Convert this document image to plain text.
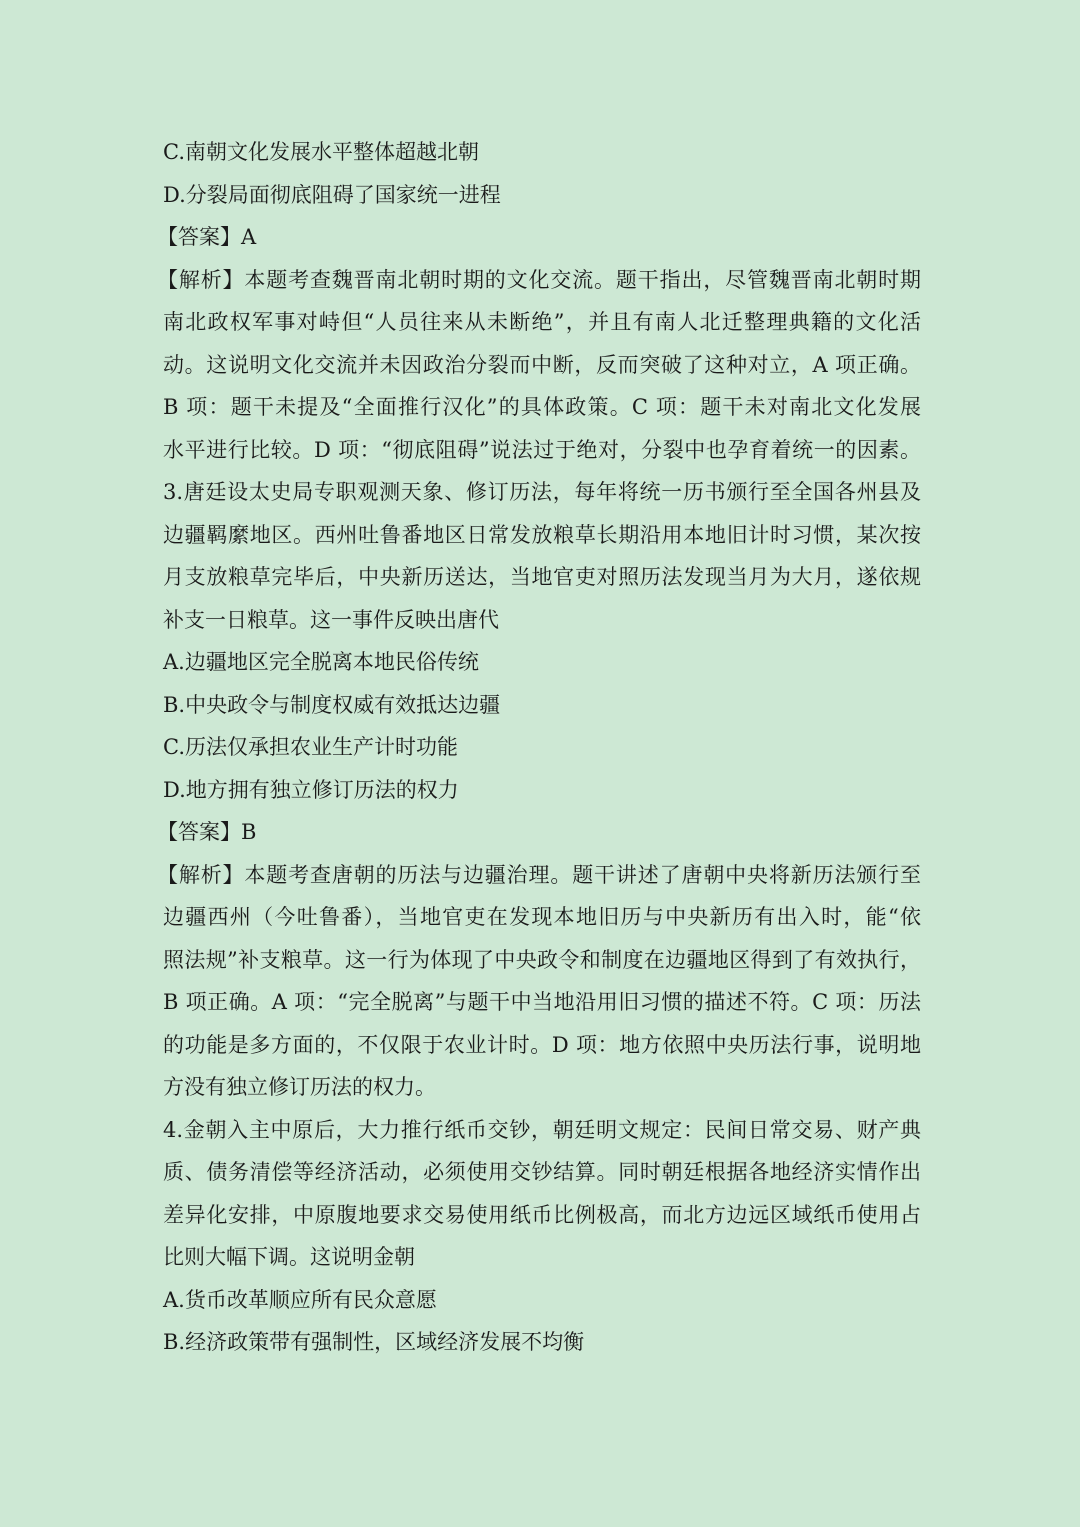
C.南朝文化发展水平整体超越北朝
D.分裂局面彻底阻碍了国家统一进程
【答案】A
【解析】本题考查魏晋南北朝时期的文化交流。题干指出，尽管魏晋南北朝时期
南北政权军事对峙但“人员往来从未断绝”，并且有南人北迁整理典籍的文化活
动。这说明文化交流并未因政治分裂而中断，反而突破了这种对立，A 项正确。
B 项：题干未提及“全面推行汉化”的具体政策。C 项：题干未对南北文化发展
水平进行比较。D 项：“彻底阻碍”说法过于绝对，分裂中也孕育着统一的因素。
3.唐廷设太史局专职观测天象、修订历法，每年将统一历书颁行至全国各州县及
边疆羁縻地区。西州吐鲁番地区日常发放粮草长期沿用本地旧计时习惯，某次按
月支放粮草完毕后，中央新历送达，当地官吏对照历法发现当月为大月，遂依规
补支一日粮草。这一事件反映出唐代
A.边疆地区完全脱离本地民俗传统
B.中央政令与制度权威有效抵达边疆
C.历法仅承担农业生产计时功能
D.地方拥有独立修订历法的权力
【答案】B
【解析】本题考查唐朝的历法与边疆治理。题干讲述了唐朝中央将新历法颁行至
边疆西州（今吐鲁番），当地官吏在发现本地旧历与中央新历有出入时，能“依
照法规”补支粮草。这一行为体现了中央政令和制度在边疆地区得到了有效执行，
B 项正确。A 项：“完全脱离”与题干中当地沿用旧习惯的描述不符。C 项：历法
的功能是多方面的，不仅限于农业计时。D 项：地方依照中央历法行事，说明地
方没有独立修订历法的权力。
4.金朝入主中原后，大力推行纸币交钞，朝廷明文规定：民间日常交易、财产典
质、债务清偿等经济活动，必须使用交钞结算。同时朝廷根据各地经济实情作出
差异化安排，中原腹地要求交易使用纸币比例极高，而北方边远区域纸币使用占
比则大幅下调。这说明金朝
A.货币改革顺应所有民众意愿
B.经济政策带有强制性，区域经济发展不均衡
